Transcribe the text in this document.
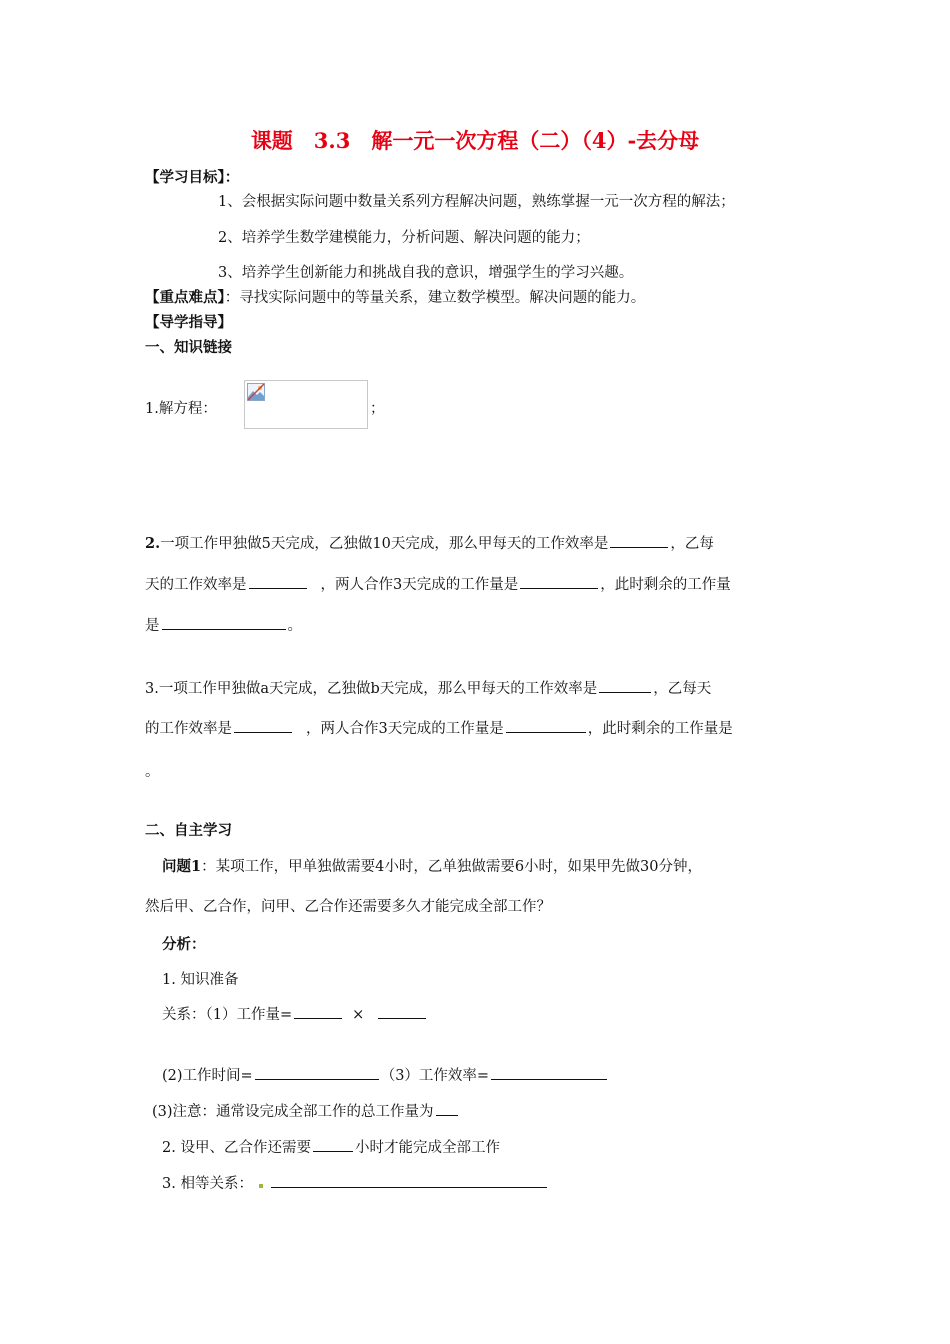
课题　3.3　解一元一次方程（二）（4）-去分母
【学习目标】：
1、会根据实际问题中数量关系列方程解决问题，熟练掌握一元一次方程的解法；
2、培养学生数学建模能力，分析问题、解决问题的能力；
3、培养学生创新能力和挑战自我的意识，增强学生的学习兴趣。
【重点难点】：寻找实际问题中的等量关系，建立数学模型。解决问题的能力。
【导学指导】
一、知识链接
1.解方程：	；
2.一项工作甲独做5天完成，乙独做10天完成，那么甲每天的工作效率是	，乙每
天的工作效率是	，两人合作3天完成的工作量是	，此时剩余的工作量
是	。
3.一项工作甲独做a天完成，乙独做b天完成，那么甲每天的工作效率是	，乙每天
的工作效率是	，两人合作3天完成的工作量是	，此时剩余的工作量是
。
二、自主学习
问题1：某项工作，甲单独做需要4小时，乙单独做需要6小时，如果甲先做30分钟，
然后甲、乙合作，问甲、乙合作还需要多久才能完成全部工作？
分析：
1. 知识准备
关系：（1）工作量=	×
(2)工作时间=	（3）工作效率=
(3)注意：通常设完成全部工作的总工作量为
2. 设甲、乙合作还需要	小时才能完成全部工作
3. 相等关系：
